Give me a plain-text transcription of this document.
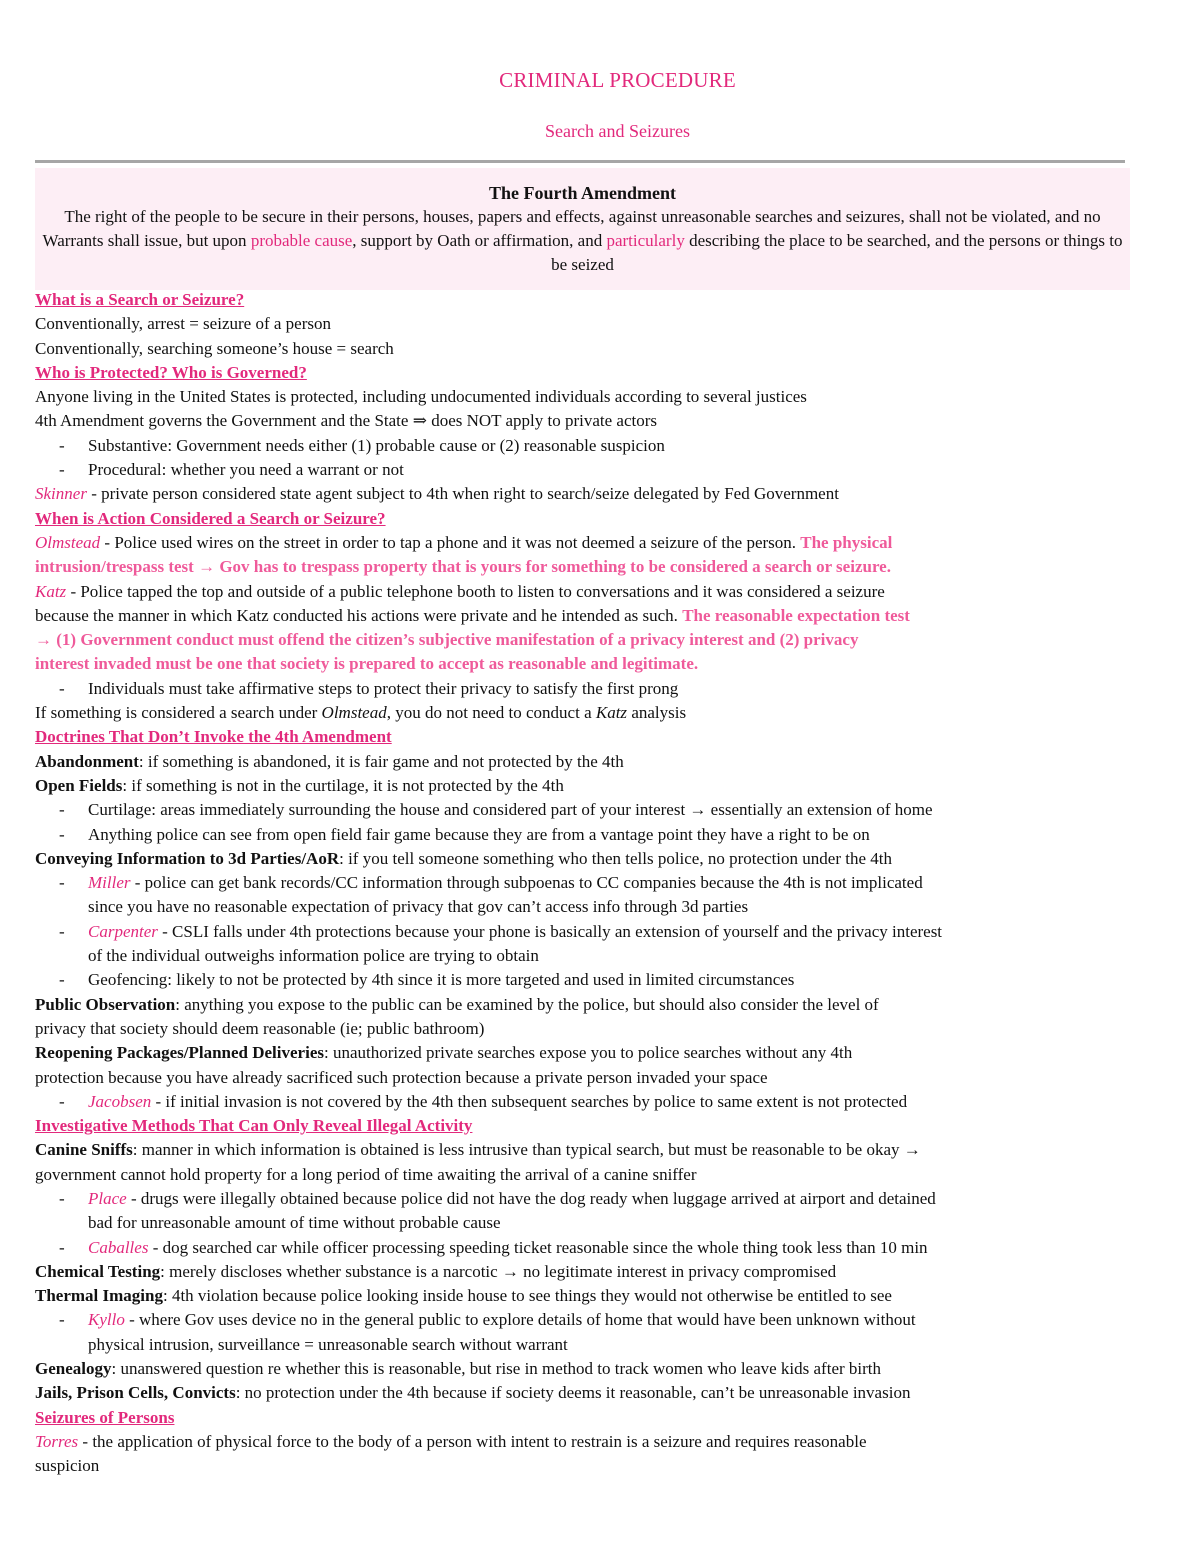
CRIMINAL PROCEDURE
Search and Seizures
The Fourth Amendment
The right of the people to be secure in their persons, houses, papers and effects, against unreasonable searches and seizures, shall not be violated, and no Warrants shall issue, but upon probable cause, support by Oath or affirmation, and particularly describing the place to be searched, and the persons or things to be seized
What is a Search or Seizure?
Conventionally, arrest = seizure of a person
Conventionally, searching someone’s house = search
Who is Protected? Who is Governed?
Anyone living in the United States is protected, including undocumented individuals according to several justices
4th Amendment governs the Government and the State ⇒ does NOT apply to private actors
- Substantive: Government needs either (1) probable cause or (2) reasonable suspicion
- Procedural: whether you need a warrant or not
Skinner - private person considered state agent subject to 4th when right to search/seize delegated by Fed Government
When is Action Considered a Search or Seizure?
Olmstead - Police used wires on the street in order to tap a phone and it was not deemed a seizure of the person. The physical
intrusion/trespass test → Gov has to trespass property that is yours for something to be considered a search or seizure.
Katz - Police tapped the top and outside of a public telephone booth to listen to conversations and it was considered a seizure
because the manner in which Katz conducted his actions were private and he intended as such. The reasonable expectation test
→ (1) Government conduct must offend the citizen’s subjective manifestation of a privacy interest and (2) privacy
interest invaded must be one that society is prepared to accept as reasonable and legitimate.
- Individuals must take affirmative steps to protect their privacy to satisfy the first prong
If something is considered a search under Olmstead, you do not need to conduct a Katz analysis
Doctrines That Don’t Invoke the 4th Amendment
Abandonment: if something is abandoned, it is fair game and not protected by the 4th
Open Fields: if something is not in the curtilage, it is not protected by the 4th
- Curtilage: areas immediately surrounding the house and considered part of your interest → essentially an extension of home
- Anything police can see from open field fair game because they are from a vantage point they have a right to be on
Conveying Information to 3d Parties/AoR: if you tell someone something who then tells police, no protection under the 4th
- Miller - police can get bank records/CC information through subpoenas to CC companies because the 4th is not implicated
since you have no reasonable expectation of privacy that gov can’t access info through 3d parties
- Carpenter - CSLI falls under 4th protections because your phone is basically an extension of yourself and the privacy interest
of the individual outweighs information police are trying to obtain
- Geofencing: likely to not be protected by 4th since it is more targeted and used in limited circumstances
Public Observation: anything you expose to the public can be examined by the police, but should also consider the level of
privacy that society should deem reasonable (ie; public bathroom)
Reopening Packages/Planned Deliveries: unauthorized private searches expose you to police searches without any 4th
protection because you have already sacrificed such protection because a private person invaded your space
- Jacobsen - if initial invasion is not covered by the 4th then subsequent searches by police to same extent is not protected
Investigative Methods That Can Only Reveal Illegal Activity
Canine Sniffs: manner in which information is obtained is less intrusive than typical search, but must be reasonable to be okay →
government cannot hold property for a long period of time awaiting the arrival of a canine sniffer
- Place - drugs were illegally obtained because police did not have the dog ready when luggage arrived at airport and detained
bad for unreasonable amount of time without probable cause
- Caballes - dog searched car while officer processing speeding ticket reasonable since the whole thing took less than 10 min
Chemical Testing: merely discloses whether substance is a narcotic → no legitimate interest in privacy compromised
Thermal Imaging: 4th violation because police looking inside house to see things they would not otherwise be entitled to see
- Kyllo - where Gov uses device no in the general public to explore details of home that would have been unknown without
physical intrusion, surveillance = unreasonable search without warrant
Genealogy: unanswered question re whether this is reasonable, but rise in method to track women who leave kids after birth
Jails, Prison Cells, Convicts: no protection under the 4th because if society deems it reasonable, can’t be unreasonable invasion
Seizures of Persons
Torres - the application of physical force to the body of a person with intent to restrain is a seizure and requires reasonable
suspicion
